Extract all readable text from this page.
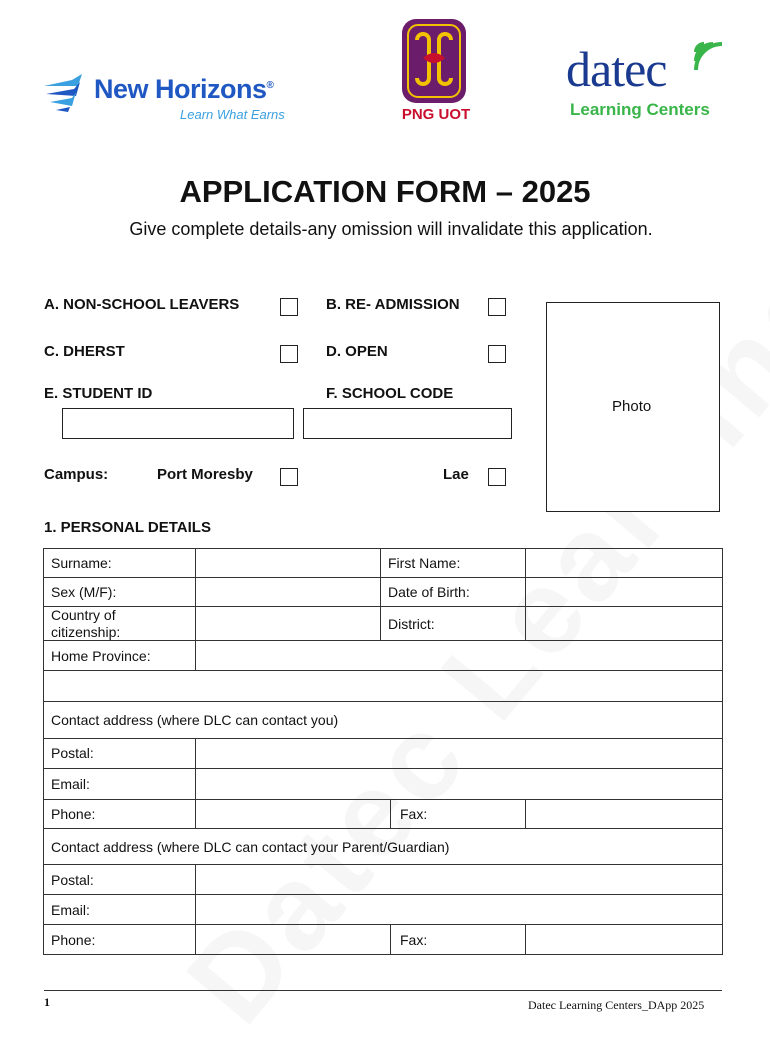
New Horizons®
Learn What Earns	PNG UOT
datec
Learning Centers
APPLICATION FORM – 2025
Give complete details-any omission will invalidate this application.
A. NON-SCHOOL LEAVERS	B. RE- ADMISSION
C. DHERST	D. OPEN
E. STUDENT ID	F. SCHOOL CODE
Photo
Campus:	Port Moresby	Lae
1. PERSONAL DETAILS
Surname:	First Name:
Sex (M/F):	Date of Birth:
Country of citizenship:	District:
Home Province:
Contact address (where DLC can contact you)
Postal:
Email:
Phone:	Fax:
Contact address (where DLC can contact your Parent/Guardian)
Postal:
Email:
Phone:	Fax:
1	Datec Learning Centers_DApp 2025
